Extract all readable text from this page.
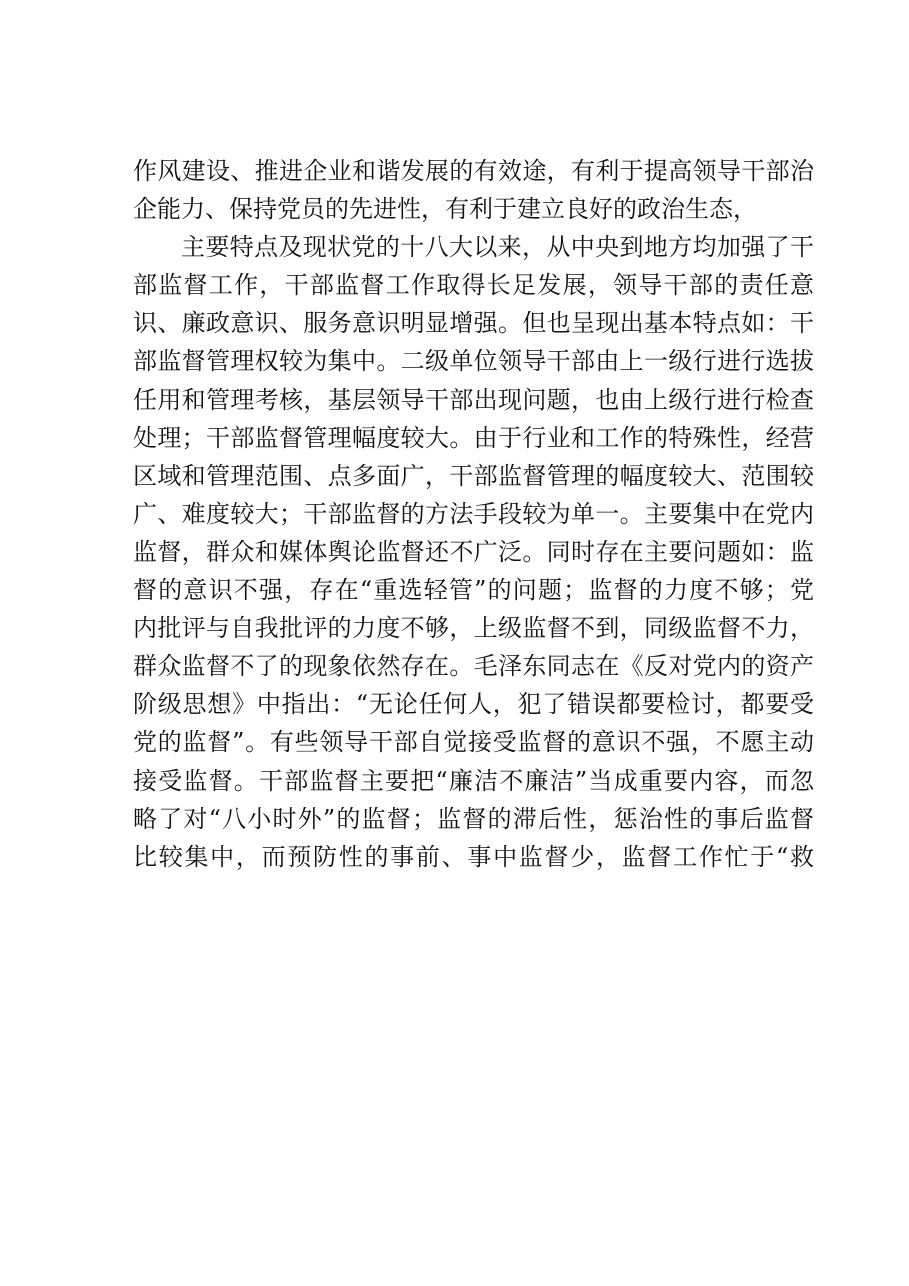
作风建设、推进企业和谐发展的有效途，有利于提高领导干部治
企能力、保持党员的先进性，有利于建立良好的政治生态，
主要特点及现状党的十八大以来，从中央到地方均加强了干
部监督工作，干部监督工作取得长足发展，领导干部的责任意
识、廉政意识、服务意识明显增强。但也呈现出基本特点如：干
部监督管理权较为集中。二级单位领导干部由上一级行进行选拔
任用和管理考核，基层领导干部出现问题，也由上级行进行检查
处理；干部监督管理幅度较大。由于行业和工作的特殊性，经营
区域和管理范围、点多面广，干部监督管理的幅度较大、范围较
广、难度较大；干部监督的方法手段较为单一。主要集中在党内
监督，群众和媒体舆论监督还不广泛。同时存在主要问题如：监
督的意识不强，存在“重选轻管”的问题；监督的力度不够；党
内批评与自我批评的力度不够，上级监督不到，同级监督不力，
群众监督不了的现象依然存在。毛泽东同志在《反对党内的资产
阶级思想》中指出：“无论任何人，犯了错误都要检讨，都要受
党的监督”。有些领导干部自觉接受监督的意识不强，不愿主动
接受监督。干部监督主要把“廉洁不廉洁”当成重要内容，而忽
略了对“八小时外”的监督；监督的滞后性，惩治性的事后监督
比较集中，而预防性的事前、事中监督少，监督工作忙于“救
